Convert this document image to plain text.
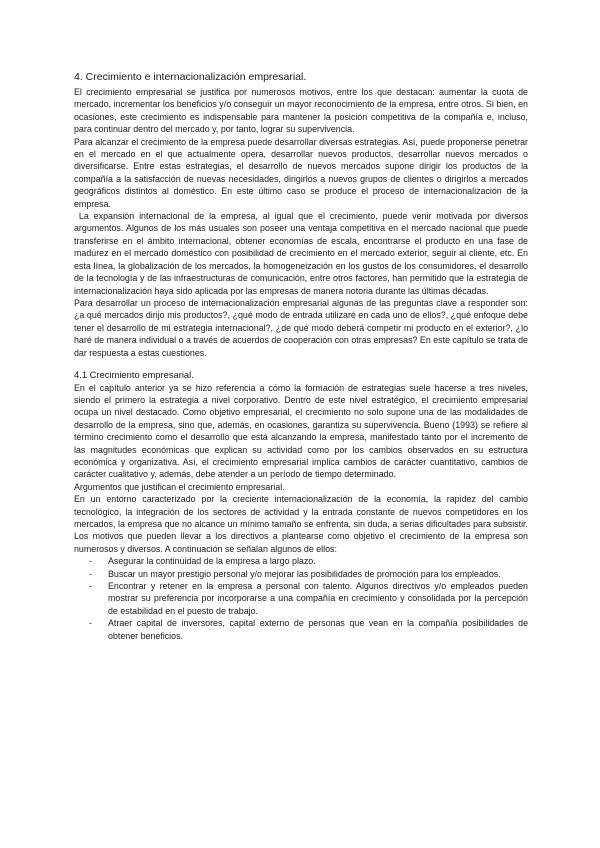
4. Crecimiento e internacionalización empresarial.

El crecimiento empresarial se justifica por numerosos motivos, entre los que destacan: aumentar la cuota de mercado, incrementar los beneficios y/o conseguir un mayor reconocimiento de la empresa, entre otros. Si bien, en ocasiones, este crecimiento es indispensable para mantener la posición competitiva de la compañía e, incluso, para continuar dentro del mercado y, por tanto, lograr su supervivencia.

Para alcanzar el crecimiento de la empresa puede desarrollar diversas estrategias. Así, puede proponerse penetrar en el mercado en el que actualmente opera, desarrollar nuevos productos, desarrollar nuevos mercados o diversificarse. Entre estas estrategias, el desarrollo de nuevos mercados supone dirigir los productos de la compañía a la satisfacción de nuevas necesidades, dirigirlos a nuevos grupos de clientes o dirigirlos a mercados geográficos distintos al doméstico. En este último caso se produce el proceso de internacionalización de la empresa.

La expansión internacional de la empresa, al igual que el crecimiento, puede venir motivada por diversos argumentos. Algunos de los más usuales son poseer una ventaja competitiva en el mercado nacional que puede transferirse en el ámbito internacional, obtener economías de escala, encontrarse el producto en una fase de madurez en el mercado doméstico con posibilidad de crecimiento en el mercado exterior, seguir al cliente, etc. En esta línea, la globalización de los mercados, la homogeneización en los gustos de los consumidores, el desarrollo de la tecnología y de las infraestructuras de comunicación, entre otros factores, han permitido que la estrategia de internacionalización haya sido aplicada por las empresas de manera notoria durante las últimas décadas.

Para desarrollar un proceso de internacionalización empresarial algunas de las preguntas clave a responder son: ¿a qué mercados dirijo mis productos?, ¿qué modo de entrada utilizaré en cada uno de ellos?, ¿qué enfoque debe tener el desarrollo de mi estrategia internacional?, ¿de qué modo deberá competir mi producto en el exterior?, ¿lo haré de manera individual o a través de acuerdos de cooperación con otras empresas? En este capítulo se trata de dar respuesta a estas cuestiones.

4.1 Crecimiento empresarial.

En el capítulo anterior ya se hizo referencia a cómo la formación de estrategias suele hacerse a tres niveles, siendo el primero la estrategia a nivel corporativo. Dentro de este nivel estratégico, el crecimiento empresarial ocupa un nivel destacado. Como objetivo empresarial, el crecimiento no solo supone una de las modalidades de desarrollo de la empresa, sino que, además, en ocasiones, garantiza su supervivencia. Bueno (1993) se refiere al término crecimiento como el desarrollo que está alcanzando la empresa, manifestado tanto por el incremento de las magnitudes económicas que explican su actividad como por los cambios observados en su estructura económica y organizativa. Así, el crecimiento empresarial implica cambios de carácter cuantitativo, cambios de carácter cualitativo y, además, debe atender a un período de tiempo determinado.

Argumentos que justifican el crecimiento empresarial.

En un entorno caracterizado por la creciente internacionalización de la economía, la rapidez del cambio tecnológico, la integración de los sectores de actividad y la entrada constante de nuevos competidores en los mercados, la empresa que no alcance un mínimo tamaño se enfrenta, sin duda, a serias dificultades para subsistir. Los motivos que pueden llevar a los directivos a plantearse como objetivo el crecimiento de la empresa son numerosos y diversos. A continuación se señalan algunos de ellos:

- Asegurar la continuidad de la empresa a largo plazo.
- Buscar un mayor prestigio personal y/o mejorar las posibilidades de promoción para los empleados.
- Encontrar y retener en la empresa a personal con talento. Algunos directivos y/o empleados pueden mostrar su preferencia por incorporarse a una compañía en crecimiento y consolidada por la percepción de estabilidad en el puesto de trabajo.
- Atraer capital de inversores, capital externo de personas que vean en la compañía posibilidades de obtener beneficios.
